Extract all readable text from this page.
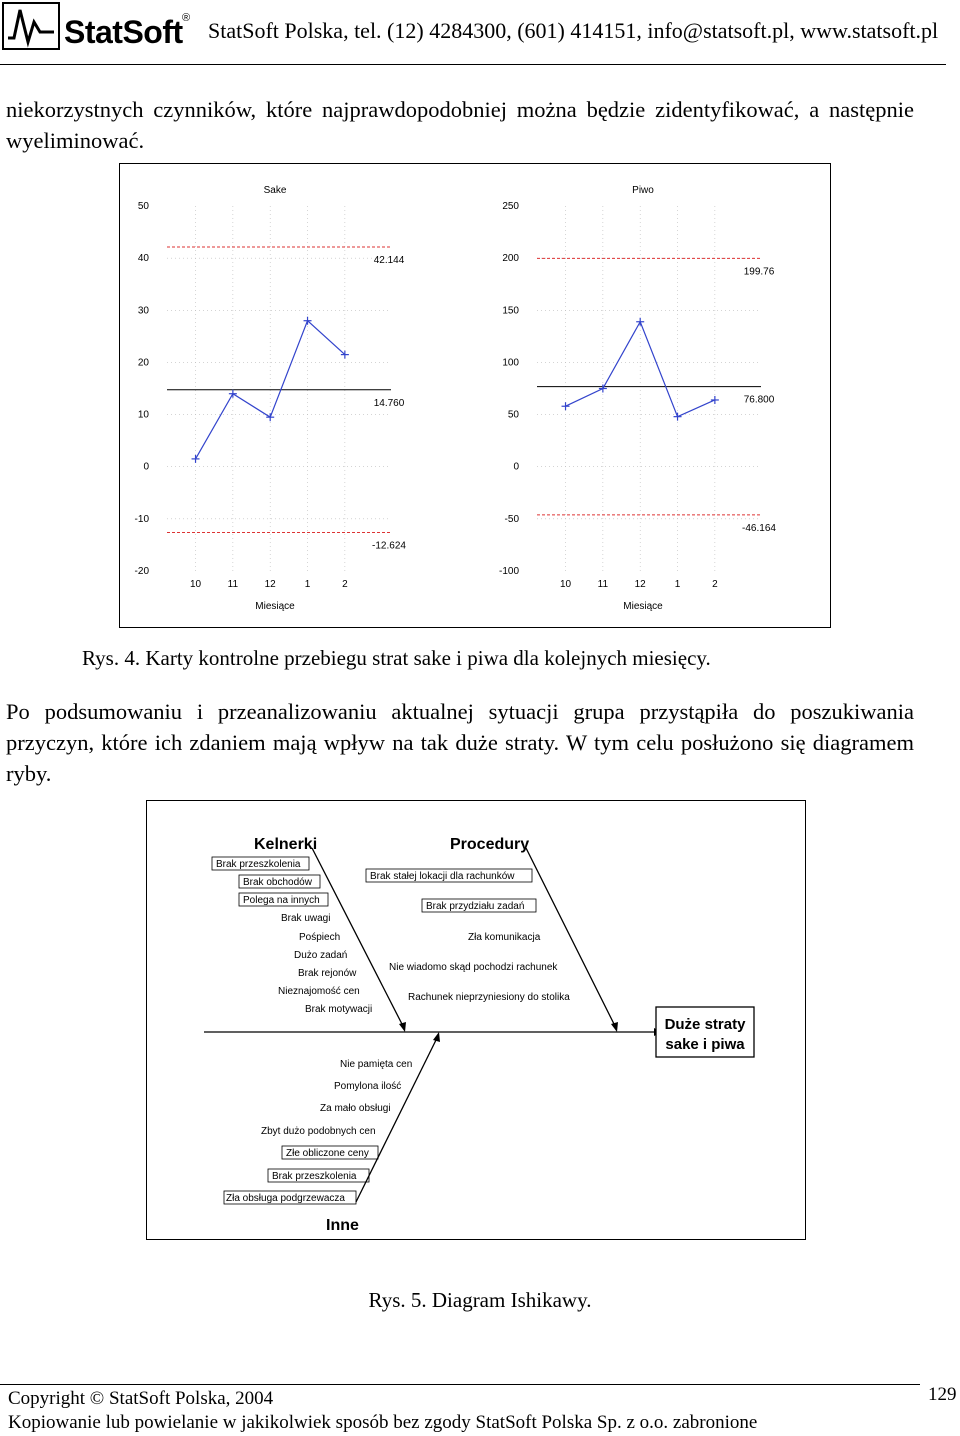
StatSoft ® StatSoft Polska, tel. (12) 4284300, (601) 414151, info@statsoft.pl, www.statsoft.pl
niekorzystnych czynników, które najprawdopodobniej można będzie zidentyfikować, a następnie wyeliminować.
Sake
50
40
30
20
10
0
-10
-20
10	11	12	1	2
Miesiące
42.144
14.760
-12.624
Piwo
250
200
150
100
50
0
-50
-100
10	11	12	1	2
Miesiące
199.76
76.800
-46.164
Rys. 4. Karty kontrolne przebiegu strat sake i piwa dla kolejnych miesięcy.
Po podsumowaniu i przeanalizowaniu aktualnej sytuacji grupa przystąpiła do poszukiwania przyczyn, które ich zdaniem mają wpływ na tak duże straty. W tym celu posłużono się diagramem ryby.
Kelnerki	Procedury
Inne
Duże straty
sake i piwa
Brak przeszkolenia
Brak obchodów
Polega na innych
Brak uwagi
Pośpiech
Dużo zadań
Brak rejonów
Nieznajomość cen
Brak motywacji
Brak stałej lokacji dla rachunków
Brak przydziału zadań
Zła komunikacja
Nie wiadomo skąd pochodzi rachunek
Rachunek nieprzyniesiony do stolika
Nie pamięta cen
Pomylona ilość
Za mało obsługi
Zbyt dużo podobnych cen
Złe obliczone ceny
Brak przeszkolenia
Zła obsługa podgrzewacza
Rys. 5. Diagram Ishikawy.
Copyright © StatSoft Polska, 2004
Kopiowanie lub powielanie w jakikolwiek sposób bez zgody StatSoft Polska Sp. z o.o. zabronione
129
